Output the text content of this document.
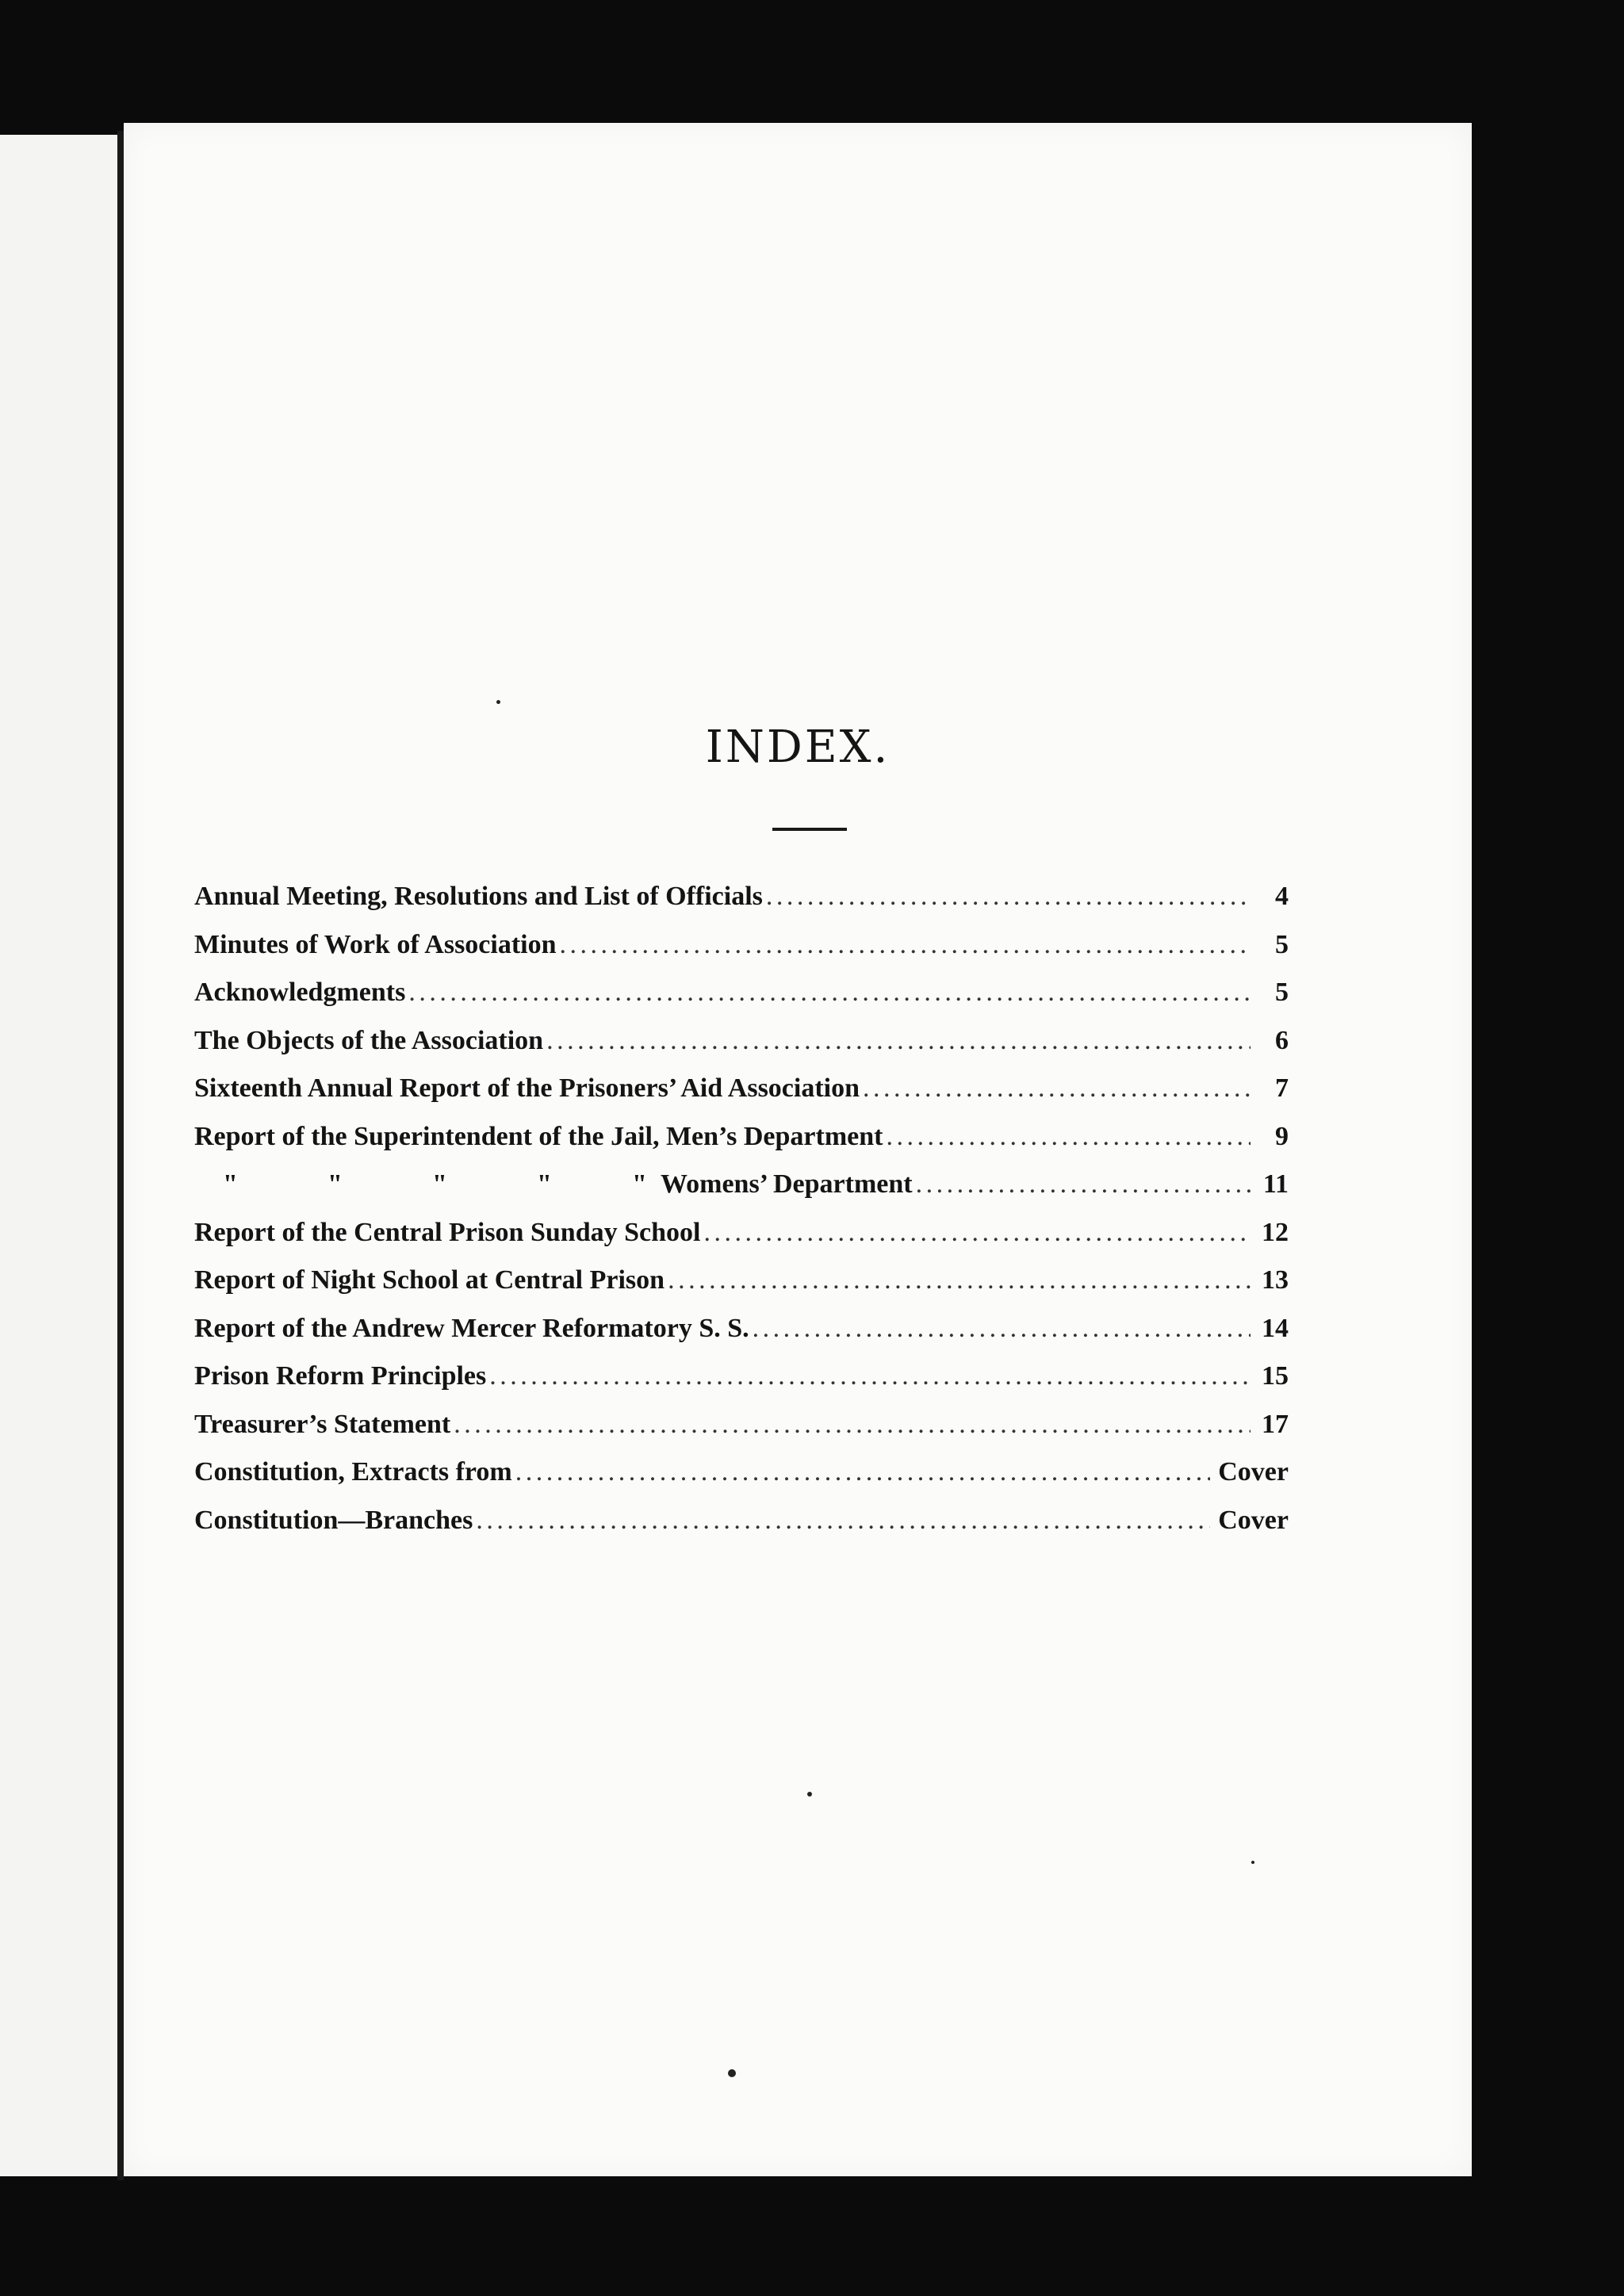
INDEX.
Annual Meeting, Resolutions and List of Officials . . .	4
Minutes of Work of Association . . .	5
Acknowledgments . . .	5
The Objects of the Association . . .	6
Sixteenth Annual Report of the Prisoners’ Aid Association . . .	7
Report of the Superintendent of the Jail, Men’s Department . . .	9
"	"	"	"	" Womens’ Department . . .	11
Report of the Central Prison Sunday School . . .	12
Report of Night School at Central Prison . . .	13
Report of the Andrew Mercer Reformatory S. S. . . .	14
Prison Reform Principles . . .	15
Treasurer’s Statement . . .	17
Constitution, Extracts from . . .	Cover
Constitution—Branches . . .	Cover
